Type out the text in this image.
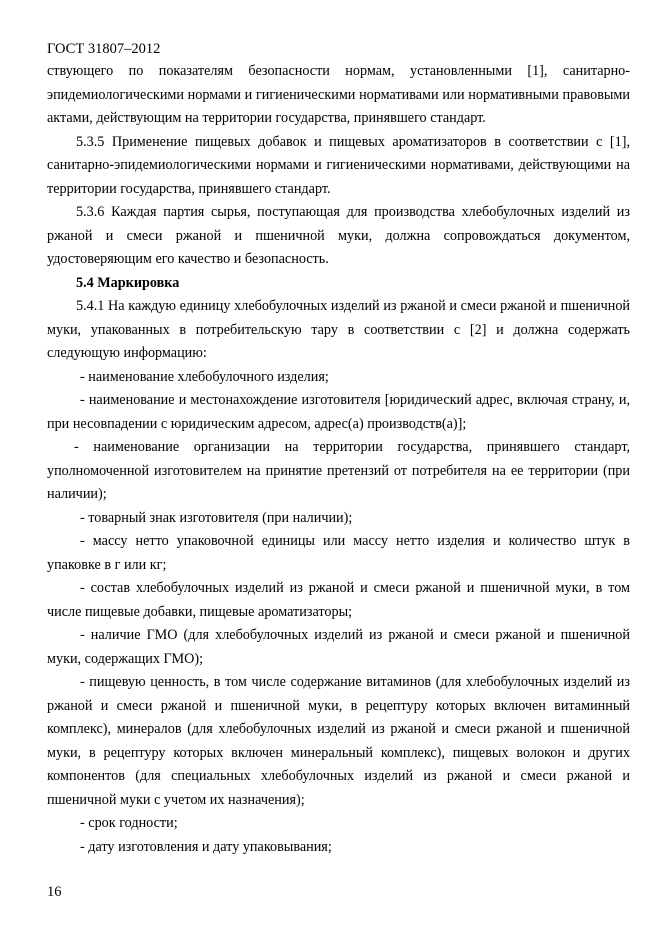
ГОСТ 31807–2012

ствующего по показателям безопасности нормам, установленными [1], санитарно-эпидемиологическими нормами и гигиеническими нормативами или нормативными правовыми актами, действующим на территории государства, принявшего стандарт.

5.3.5 Применение пищевых добавок и пищевых ароматизаторов в соответствии с [1], санитарно-эпидемиологическими нормами и гигиеническими нормативами, действующими на территории государства, принявшего стандарт.

5.3.6 Каждая партия сырья, поступающая для производства хлебобулочных изделий из ржаной и смеси ржаной и пшеничной муки, должна сопровождаться документом, удостоверяющим его качество и безопасность.

5.4 Маркировка

5.4.1 На каждую единицу хлебобулочных изделий из ржаной и смеси ржаной и пшеничной муки, упакованных в потребительскую тару в соответствии с [2] и должна содержать следующую информацию:

- наименование хлебобулочного изделия;

- наименование и местонахождение изготовителя [юридический адрес, включая страну, и, при несовпадении с юридическим адресом, адрес(а) производств(а)];

- наименование организации на территории государства, принявшего стандарт, уполномоченной изготовителем на принятие претензий от потребителя на ее территории (при наличии);

- товарный знак изготовителя (при наличии);

- массу нетто упаковочной единицы или массу нетто изделия и количество штук в упаковке в г или кг;

- состав хлебобулочных изделий из ржаной и смеси ржаной и пшеничной муки, в том числе пищевые добавки, пищевые ароматизаторы;

- наличие ГМО (для хлебобулочных изделий из ржаной и смеси ржаной и пшеничной муки, содержащих ГМО);

- пищевую ценность, в том числе содержание витаминов (для хлебобулочных изделий из ржаной и смеси ржаной и пшеничной муки, в рецептуру которых включен витаминный комплекс), минералов (для хлебобулочных изделий из ржаной и смеси ржаной и пшеничной муки, в рецептуру которых включен минеральный комплекс), пищевых волокон и других компонентов (для специальных хлебобулочных изделий из ржаной и смеси ржаной и пшеничной муки с учетом их назначения);

- срок годности;

- дату изготовления и дату упаковывания;

16
